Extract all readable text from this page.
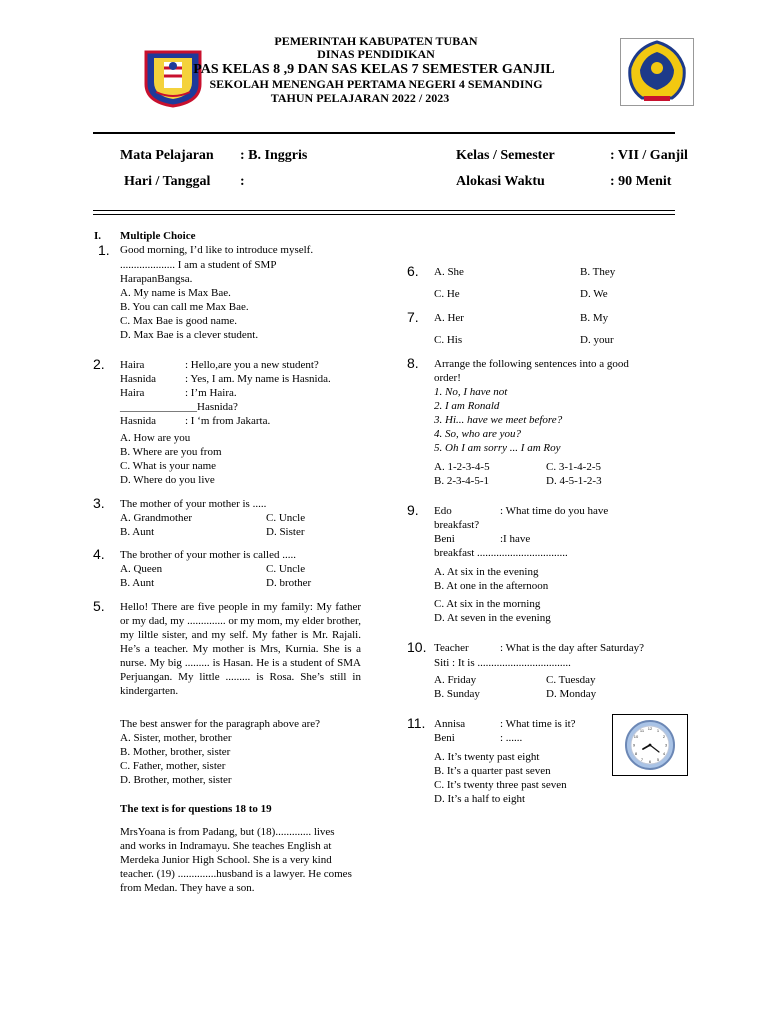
PEMERINTAH KABUPATEN TUBAN
DINAS PENDIDIKAN
PAS KELAS 8 ,9 DAN SAS KELAS 7 SEMESTER GANJIL
SEKOLAH MENENGAH PERTAMA NEGERI 4 SEMANDING
TAHUN PELAJARAN 2022 / 2023
Mata Pelajaran : B. Inggris
Hari / Tanggal :
Kelas / Semester	: VII / Ganjil
Alokasi Waktu	: 90 Menit
I. Multiple Choice
1. Good morning, I’d like to introduce myself.
.................... I am a student of SMP
HarapanBangsa.
A. My name is Max Bae.
B. You can call me Max Bae.
C. Max Bae is good name.
D. Max Bae is a clever student.
2. Haira	: Hello,are you a new student?
Hasnida	: Yes, I am. My name is Hasnida.
Haira	: I’m Haira.
______________Hasnida?
Hasnida	: I ‘m from Jakarta.
A. How are you
B. Where are you from
C. What is your name
D. Where do you live
3. The mother of your mother is .....
A. Grandmother	C. Uncle
B. Aunt	D. Sister
4. The brother of your mother is called .....
A. Queen	C. Uncle
B. Aunt	D. brother
5. Hello! There are five people in my family: My father or my dad, my .............. or my mom, my elder brother, my liltle sister, and my self. My father is Mr. Rajali. He’s a teacher. My mother is Mrs, Kurnia. She is a nurse. My big ......... is Hasan. He is a student of SMA Perjuangan. My little ......... is Rosa. She’s still in kindergarten.
The best answer for the paragraph above are?
A. Sister, mother, brother
B. Mother, brother, sister
C. Father, mother, sister
D. Brother, mother, sister
The text is for questions 18 to 19
MrsYoana is from Padang, but (18)............. lives and works in Indramayu. She teaches English at Merdeka Junior High School. She is a very kind teacher. (19) ..............husband is a lawyer. He comes from Medan. They have a son.
6. A. She	B. They
C. He	D. We
7. A. Her	B. My
C. His	D. your
8. Arrange the following sentences into a good
order!
1. No, I have not
2. I am Ronald
3. Hi... have we meet before?
4. So, who are you?
5. Oh I am sorry ... I am Roy
A. 1-2-3-4-5	C. 3-1-4-2-5
B. 2-3-4-5-1	D. 4-5-1-2-3
9. Edo	: What time do you have
breakfast?
Beni	:I have
breakfast .................................
A. At six in the evening
B. At one in the afternoon
C. At six in the morning
D. At seven in the evening
10. Teacher	: What is the day after Saturday?
Siti : It is ..................................
A. Friday	C. Tuesday
B. Sunday	D. Monday
11. Annisa	: What time is it?
Beni	: ......
A. It’s twenty past eight
B. It’s a quarter past seven
C. It’s twenty three past seven
D. It’s a half to eight
12 1
2
3
4
5
6
7
8
9
10
11
